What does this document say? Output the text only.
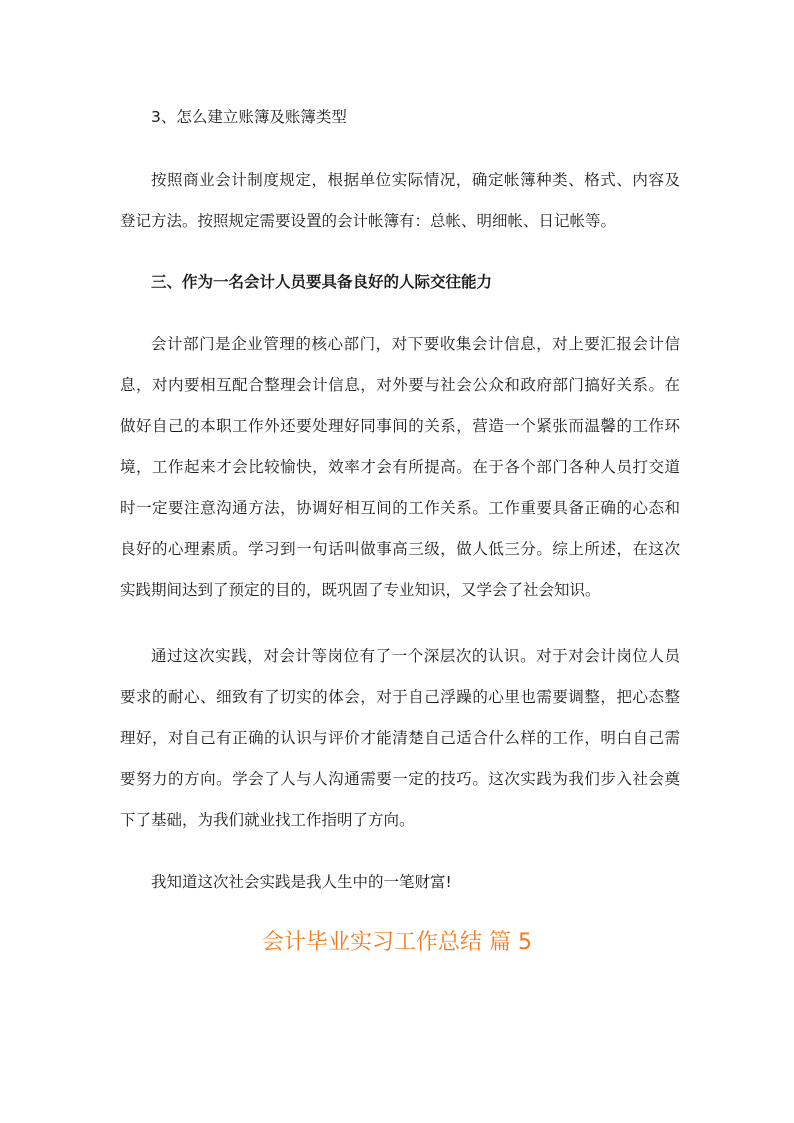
3、怎么建立账簿及账簿类型
按照商业会计制度规定，根据单位实际情况，确定帐簿种类、格式、内容及
登记方法。按照规定需要设置的会计帐簿有：总帐、明细帐、日记帐等。
三、作为一名会计人员要具备良好的人际交往能力
会计部门是企业管理的核心部门，对下要收集会计信息，对上要汇报会计信
息，对内要相互配合整理会计信息，对外要与社会公众和政府部门搞好关系。在
做好自己的本职工作外还要处理好同事间的关系，营造一个紧张而温馨的工作环
境，工作起来才会比较愉快，效率才会有所提高。在于各个部门各种人员打交道
时一定要注意沟通方法，协调好相互间的工作关系。工作重要具备正确的心态和
良好的心理素质。学习到一句话叫做事高三级，做人低三分。综上所述，在这次
实践期间达到了预定的目的，既巩固了专业知识，又学会了社会知识。
通过这次实践，对会计等岗位有了一个深层次的认识。对于对会计岗位人员
要求的耐心、细致有了切实的体会，对于自己浮躁的心里也需要调整，把心态整
理好，对自己有正确的认识与评价才能清楚自己适合什么样的工作，明白自己需
要努力的方向。学会了人与人沟通需要一定的技巧。这次实践为我们步入社会奠
下了基础，为我们就业找工作指明了方向。
我知道这次社会实践是我人生中的一笔财富!
会计毕业实习工作总结 篇 5
